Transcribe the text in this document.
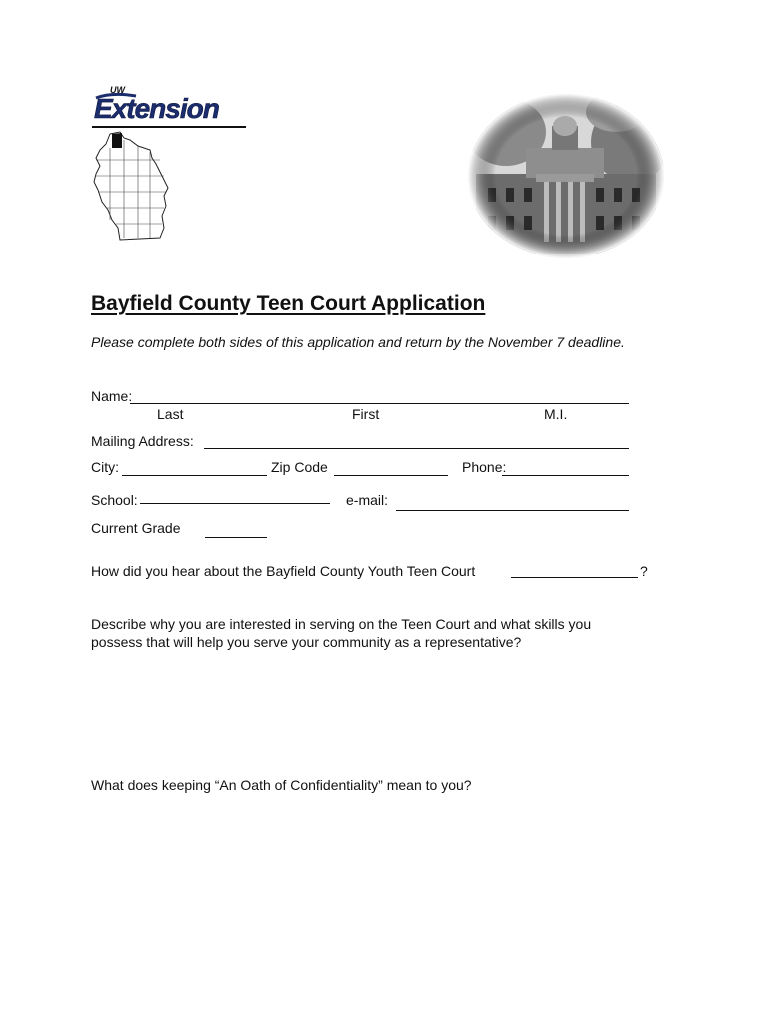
UW
Extension
Bayfield County Teen Court Application
Please complete both sides of this application and return by the November 7 deadline.
Name:
Last	First	M.I.
Mailing Address:
City:	Zip Code	Phone:
School:	e-mail:
Current Grade
How did you hear about the Bayfield County Youth Teen Court	?
Describe why you are interested in serving on the Teen Court and what skills you
possess that will help you serve your community as a representative?
What does keeping “An Oath of Confidentiality” mean to you?
